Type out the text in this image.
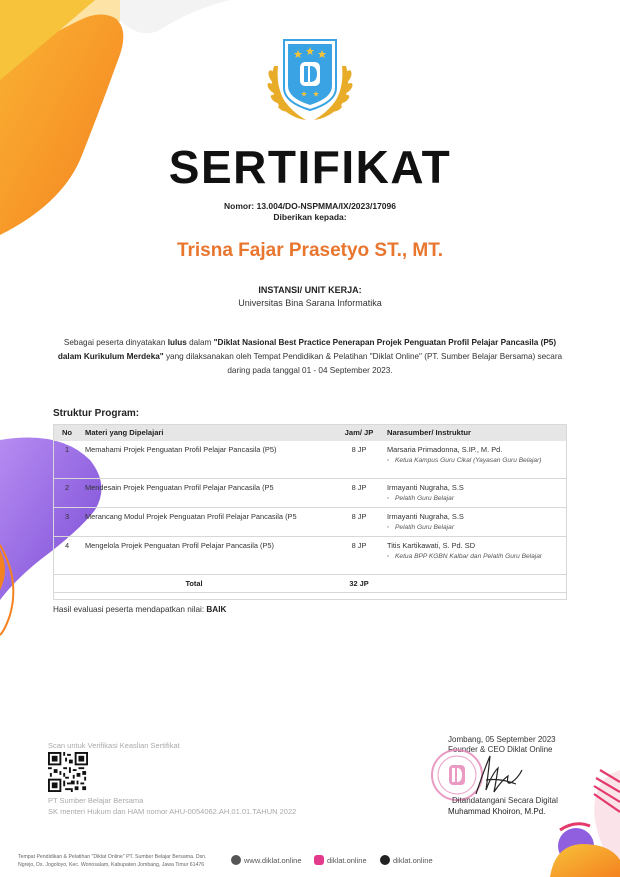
SERTIFIKAT
Nomor: 13.004/DO-NSPMMA/IX/2023/17096
Diberikan kepada:
Trisna Fajar Prasetyo ST., MT.
INSTANSI/ UNIT KERJA:
Universitas Bina Sarana Informatika
Sebagai peserta dinyatakan lulus dalam "Diklat Nasional Best Practice Penerapan Projek Penguatan Profil Pelajar Pancasila (P5) dalam Kurikulum Merdeka" yang dilaksanakan oleh Tempat Pendidikan & Pelatihan "Diklat Online" (PT. Sumber Belajar Bersama) secara daring pada tanggal 01 - 04 September 2023.
Struktur Program:
No	Materi yang Dipelajari	Jam/ JP	Narasumber/ Instruktur
1	Memahami Projek Penguatan Profil Pelajar Pancasila (P5)	8 JP	Marsaria Primadonna, S.IP., M. Pd.
◦ Ketua Kampus Guru Cikal (Yayasan Guru Belajar)

2	Mendesain Projek Penguatan Profil Pelajar Pancasila (P5	8 JP	Irmayanti Nugraha, S.S
◦ Pelatih Guru Belajar

3	Merancang Modul Projek Penguatan Profil Pelajar Pancasila (P5	8 JP	Irmayanti Nugraha, S.S
◦ Pelatih Guru Belajar

4	Mengelola Projek Penguatan Profil Pelajar Pancasila (P5)	8 JP	Titis Kartikawati, S. Pd. SD
◦ Ketua BPP KGBN Kalbar dan Pelatih Guru Belajar

Total		32 JP	
Hasil evaluasi peserta mendapatkan nilai: BAIK
Scan untuk Verifikasi Keaslian Sertifikat
PT Sumber Belajar Bersama
SK menteri Hukum dan HAM nomor AHU-0054062.AH.01.01.TAHUN 2022
Jombang, 05 September 2023
Founder & CEO Diklat Online
Ditandatangani Secara Digital
Muhammad Khoiron, M.Pd.
Tempat Pendidikan & Pelatihan "Diklat Online" PT. Sumber Belajar Bersama. Dsn. Ngrejo, Ds. Jogoloyo, Kec. Wonosalam, Kabupaten Jombang, Jawa Timur 61476
www.diklat.online	diklat.online	diklat.online
